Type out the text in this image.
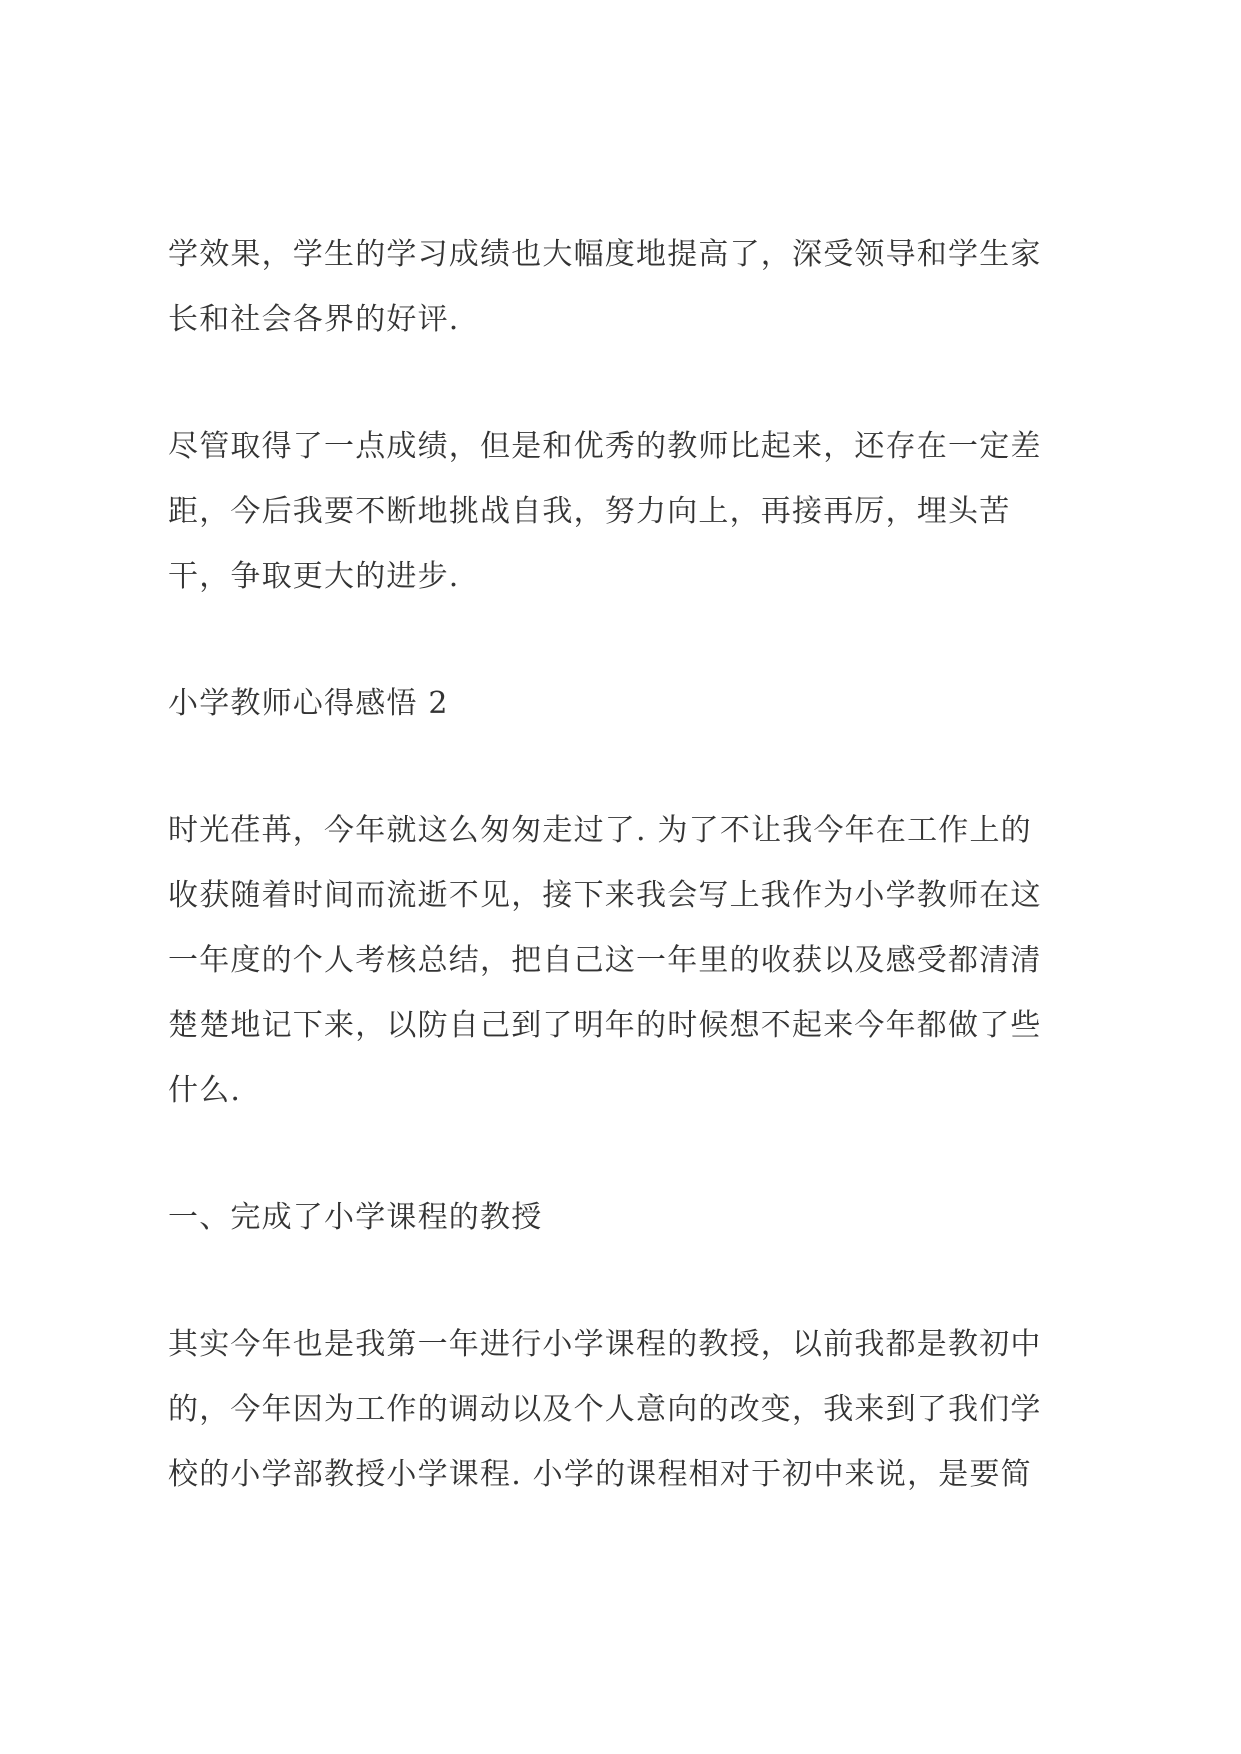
学效果，学生的学习成绩也大幅度地提高了，深受领导和学生家
长和社会各界的好评.

尽管取得了一点成绩，但是和优秀的教师比起来，还存在一定差
距，今后我要不断地挑战自我，努力向上，再接再厉，埋头苦
干，争取更大的进步.

小学教师心得感悟 2

时光荏苒，今年就这么匆匆走过了. 为了不让我今年在工作上的
收获随着时间而流逝不见，接下来我会写上我作为小学教师在这
一年度的个人考核总结，把自己这一年里的收获以及感受都清清
楚楚地记下来，以防自己到了明年的时候想不起来今年都做了些
什么.

一、完成了小学课程的教授

其实今年也是我第一年进行小学课程的教授，以前我都是教初中
的，今年因为工作的调动以及个人意向的改变，我来到了我们学
校的小学部教授小学课程. 小学的课程相对于初中来说，是要简
